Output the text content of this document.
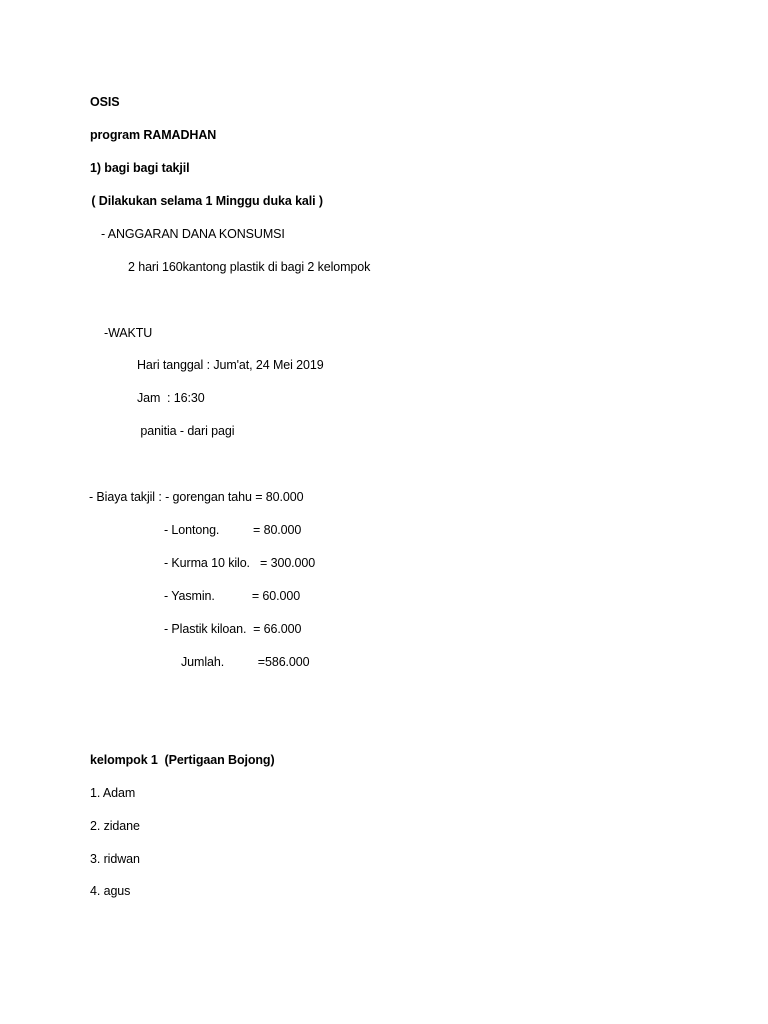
OSIS
program RAMADHAN
1) bagi bagi takjil
( Dilakukan selama 1 Minggu duka kali )
- ANGGARAN DANA KONSUMSI
2 hari 160kantong plastik di bagi 2 kelompok
-WAKTU
Hari tanggal : Jum'at, 24 Mei 2019
Jam  : 16:30
panitia - dari pagi
- Biaya takjil : - gorengan tahu = 80.000
- Lontong.          = 80.000
- Kurma 10 kilo.   = 300.000
- Yasmin.           = 60.000
- Plastik kiloan.  = 66.000
Jumlah.          =586.000
kelompok 1  (Pertigaan Bojong)
1. Adam
2. zidane
3. ridwan
4. agus
